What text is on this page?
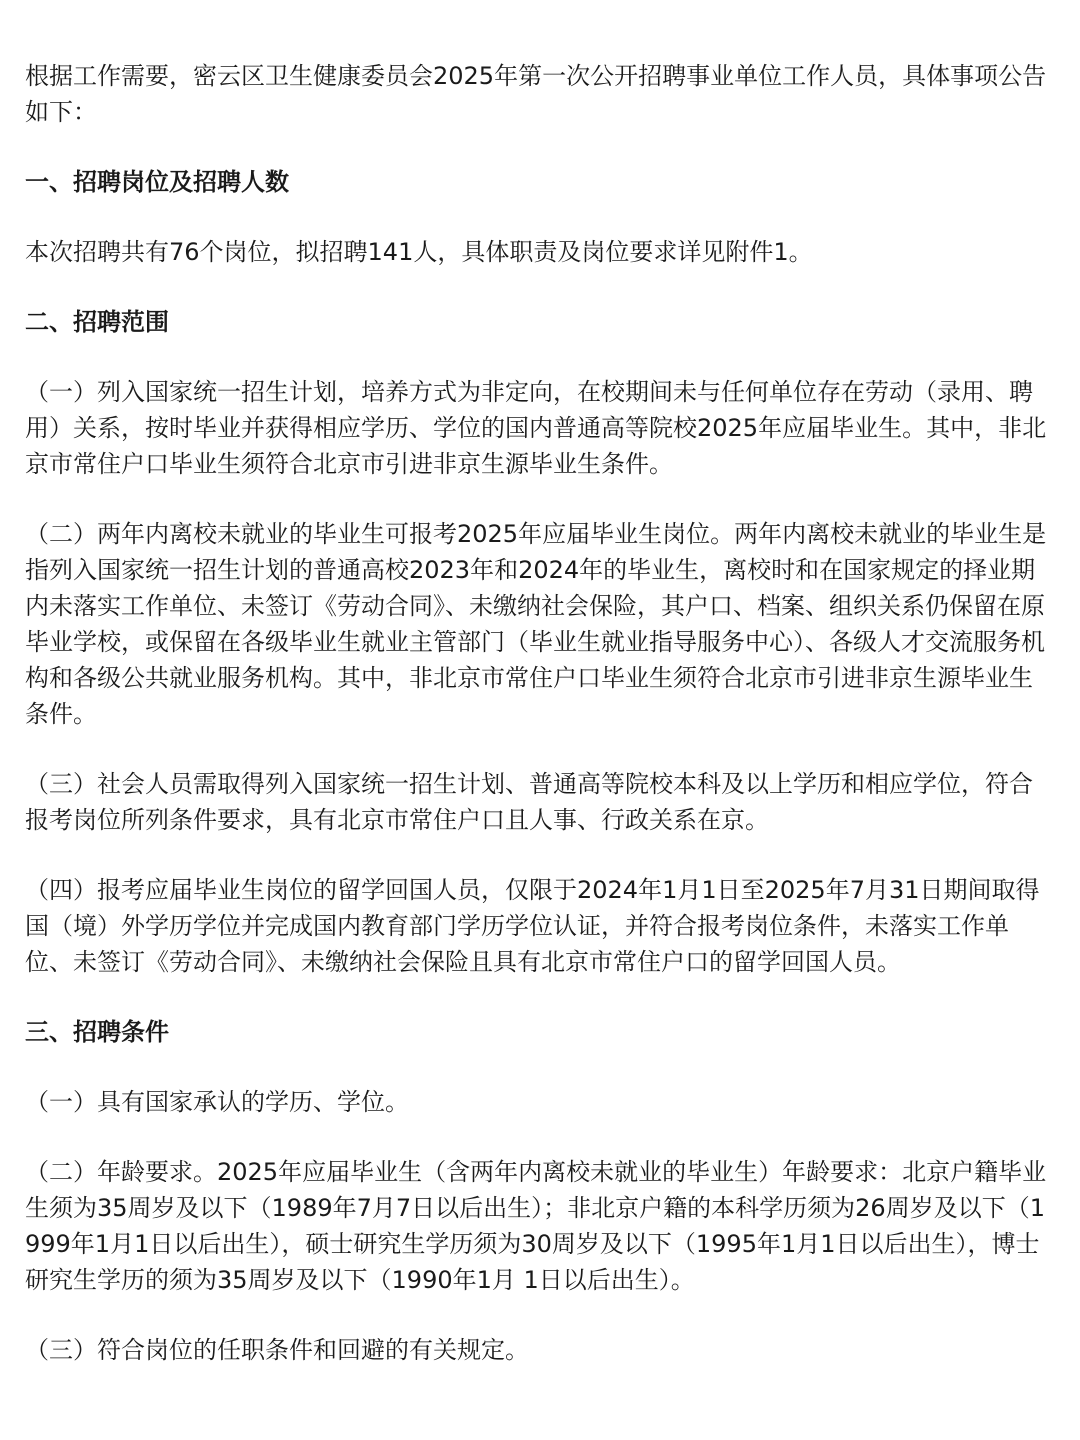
根据工作需要，密云区卫生健康委员会2025年第一次公开招聘事业单位工作人员，具体事项公告如下：

一、招聘岗位及招聘人数

本次招聘共有76个岗位，拟招聘141人，具体职责及岗位要求详见附件1。

二、招聘范围

（一）列入国家统一招生计划，培养方式为非定向，在校期间未与任何单位存在劳动（录用、聘用）关系，按时毕业并获得相应学历、学位的国内普通高等院校2025年应届毕业生。其中，非北京市常住户口毕业生须符合北京市引进非京生源毕业生条件。

（二）两年内离校未就业的毕业生可报考2025年应届毕业生岗位。两年内离校未就业的毕业生是指列入国家统一招生计划的普通高校2023年和2024年的毕业生，离校时和在国家规定的择业期内未落实工作单位、未签订《劳动合同》、未缴纳社会保险，其户口、档案、组织关系仍保留在原毕业学校，或保留在各级毕业生就业主管部门（毕业生就业指导服务中心）、各级人才交流服务机构和各级公共就业服务机构。其中，非北京市常住户口毕业生须符合北京市引进非京生源毕业生条件。

（三）社会人员需取得列入国家统一招生计划、普通高等院校本科及以上学历和相应学位，符合报考岗位所列条件要求，具有北京市常住户口且人事、行政关系在京。

（四）报考应届毕业生岗位的留学回国人员，仅限于2024年1月1日至2025年7月31日期间取得国（境）外学历学位并完成国内教育部门学历学位认证，并符合报考岗位条件，未落实工作单位、未签订《劳动合同》、未缴纳社会保险且具有北京市常住户口的留学回国人员。

三、招聘条件

（一）具有国家承认的学历、学位。

（二）年龄要求。2025年应届毕业生（含两年内离校未就业的毕业生）年龄要求：北京户籍毕业生须为35周岁及以下（1989年7月7日以后出生）；非北京户籍的本科学历须为26周岁及以下（1999年1月1日以后出生），硕士研究生学历须为30周岁及以下（1995年1月1日以后出生），博士研究生学历的须为35周岁及以下（1990年1月 1日以后出生）。

（三）符合岗位的任职条件和回避的有关规定。
